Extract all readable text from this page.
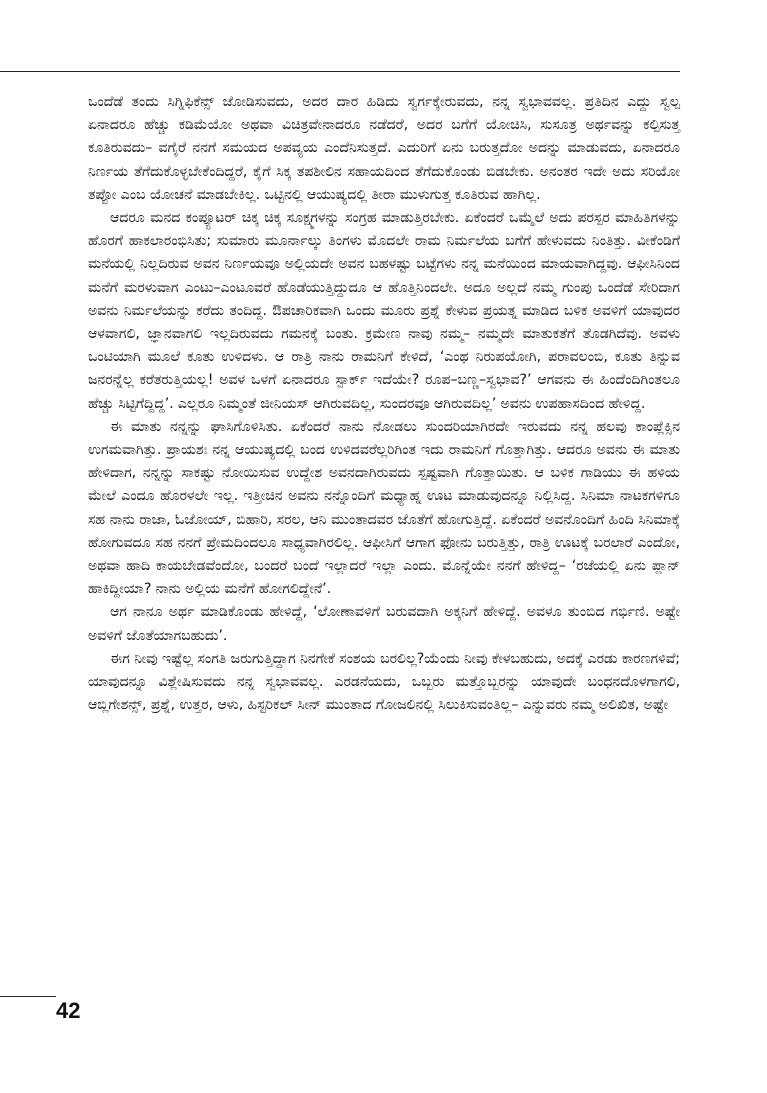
ಒಂದೆಡೆ ತಂದು ಸಿಗ್ನಿಫಿಕೆನ್ಸ್ ಜೋಡಿಸುವದು, ಅದರ ದಾರ ಹಿಡಿದು ಸ್ವರ್ಗಕ್ಕೇರುವದು, ನನ್ನ ಸ್ವಭಾವವಲ್ಲ. ಪ್ರತಿದಿನ ಎದ್ದು ಸ್ವಲ್ಪ ಏನಾದರೂ ಹೆಚ್ಚು ಕಡಿಮೆಯೋ ಅಥವಾ ವಿಚಿತ್ರವೇನಾದರೂ ನಡೆದರೆ, ಅದರ ಬಗೆಗೆ ಯೋಚಿಸಿ, ಸುಸೂತ್ರ ಅರ್ಥವನ್ನು ಕಲ್ಪಿಸುತ್ತ ಕೂತಿರುವದು– ವಗೈರೆ ನನಗೆ ಸಮಯದ ಅಪವ್ಯಯ ಎಂದೆನಿಸುತ್ತದೆ. ಎದುರಿಗೆ ಏನು ಬರುತ್ತದೋ ಅದನ್ನು ಮಾಡುವದು, ಏನಾದರೂ ನಿರ್ಣಯ ತೆಗೆದುಕೊಳ್ಳಬೇಕೆಂದಿದ್ದರೆ, ಕೈಗೆ ಸಿಕ್ಕ ತಪಶೀಲಿನ ಸಹಾಯದಿಂದ ತೆಗೆದುಕೊಂಡು ಬಿಡಬೇಕು. ಅನಂತರ ಇದೇ ಅದು ಸರಿಯೋ ತಪ್ಪೋ ಎಂಬ ಯೋಚನೆ ಮಾಡಬೇಕಿಲ್ಲ. ಒಟ್ಟಿನಲ್ಲಿ ಆಯುಷ್ಯದಲ್ಲಿ ತೀರಾ ಮುಳುಗುತ್ತ ಕೂತಿರುವ ಹಾಗಿಲ್ಲ.

ಆದರೂ ಮನದ ಕಂಪ್ಯೂಟರ್ ಚಿಕ್ಕ ಚಿಕ್ಕ ಸೂಕ್ಷ್ಮಗಳನ್ನು ಸಂಗ್ರಹ ಮಾಡುತ್ತಿರಬೇಕು. ಏಕೆಂದರೆ ಒಮ್ಮೆಲೆ ಅದು ಪರಸ್ಪರ ಮಾಹಿತಿಗಳನ್ನು ಹೊರಗೆ ಹಾಕಲಾರಂಭಿಸಿತು; ಸುಮಾರು ಮೂರ್ನಾಲ್ಕು ತಿಂಗಳು ಮೊದಲೇ ರಾಮ ನಿರ್ಮಲೆಯ ಬಗೆಗೆ ಹೇಳುವದು ನಿಂತಿತ್ತು. ವೀಕೆಂಡಿಗೆ ಮನೆಯಲ್ಲಿ ನಿಲ್ಲದಿರುವ ಅವನ ನಿರ್ಣಯವೂ ಅಲ್ಲಿಯದೇ ಅವನ ಬಹಳಷ್ಟು ಬಟ್ಟೆಗಳು ನನ್ನ ಮನೆಯಿಂದ ಮಾಯವಾಗಿದ್ದವು. ಆಫೀಸಿನಿಂದ ಮನೆಗೆ ಮರಳುವಾಗ ಎಂಟು–ಎಂಟೂವರೆ ಹೊಡೆಯುತ್ತಿದ್ದುದೂ ಆ ಹೊತ್ತಿನಿಂದಲೇ. ಅದೂ ಅಲ್ಲದೆ ನಮ್ಮ ಗುಂಪು ಒಂದೆಡೆ ಸೇರಿದಾಗ ಅವನು ನಿರ್ಮಲೆಯನ್ನು ಕರೆದು ತಂದಿದ್ದ. ಔಪಚಾರಿಕವಾಗಿ ಒಂದು ಮೂರು ಪ್ರಶ್ನೆ ಕೇಳುವ ಪ್ರಯತ್ನ ಮಾಡಿದ ಬಳಿಕ ಅವಳಿಗೆ ಯಾವುದರ ಆಳವಾಗಲಿ, ಜ್ಞಾನವಾಗಲಿ ಇಲ್ಲದಿರುವದು ಗಮನಕ್ಕೆ ಬಂತು. ಕ್ರಮೇಣ ನಾವು ನಮ್ಮ– ನಮ್ಮದೇ ಮಾತುಕತೆಗೆ ತೊಡಗಿದೆವು. ಅವಳು ಒಂಟಿಯಾಗಿ ಮೂಲೆ ಕೂತು ಉಳಿದಳು. ಆ ರಾತ್ರಿ ನಾನು ರಾಮನಿಗೆ ಕೇಳಿದೆ, ‘ಎಂಥ ನಿರುಪಯೋಗಿ, ಪರಾವಲಂಬಿ, ಕೂತು ತಿನ್ನುವ ಜನರನ್ನೆಲ್ಲ ಕರೆತರುತ್ತಿಯಲ್ಲ! ಅವಳ ಒಳಗೆ ಏನಾದರೂ ಸ್ಪಾರ್ಕ್ ಇದೆಯೇ? ರೂಪ–ಬಣ್ಣ–ಸ್ವಭಾವ?’ ಆಗವನು ಈ ಹಿಂದೆಂದಿಗಿಂತಲೂ ಹೆಚ್ಚು ಸಿಟ್ಟಿಗೆದ್ದಿದ್ದ’. ಎಲ್ಲರೂ ನಿಮ್ಮಂತೆ ಜೀನಿಯಸ್ ಆಗಿರುವದಿಲ್ಲ, ಸುಂದರವೂ ಆಗಿರುವದಿಲ್ಲ’ ಅವನು ಉಪಹಾಸದಿಂದ ಹೇಳಿದ್ದ.

ಈ ಮಾತು ನನ್ನನ್ನು ಘಾಸಿಗೊಳಿಸಿತು. ಏಕೆಂದರೆ ನಾನು ನೋಡಲು ಸುಂದರಿಯಾಗಿರದೇ ಇರುವದು ನನ್ನ ಹಲವು ಕಾಂಪ್ಲೆಕ್ಸಿನ ಉಗಮವಾಗಿತ್ತು. ಪ್ರಾಯಶಃ ನನ್ನ ಆಯುಷ್ಯದಲ್ಲಿ ಬಂದ ಉಳಿದವರೆಲ್ಲರಿಗಿಂತ ಇದು ರಾಮನಿಗೆ ಗೊತ್ತಾಗಿತ್ತು. ಆದರೂ ಅವನು ಈ ಮಾತು ಹೇಳಿದಾಗ, ನನ್ನನ್ನು ಸಾಕಷ್ಟು ನೋಯಿಸುವ ಉದ್ದೇಶ ಅವನದಾಗಿರುವದು ಸ್ಪಷ್ಟವಾಗಿ ಗೊತ್ತಾಯಿತು. ಆ ಬಳಿಕ ಗಾಡಿಯು ಈ ಹಳಿಯ ಮೇಲೆ ಎಂದೂ ಹೊರಳಲೇ ಇಲ್ಲ. ಇತ್ತೀಚಿನ ಅವನು ನನ್ನೊಂದಿಗೆ ಮಧ್ಯಾಹ್ನ ಊಟ ಮಾಡುವುದನ್ನೂ ನಿಲ್ಲಿಸಿದ್ದ. ಸಿನಿಮಾ ನಾಟಕಗಳಿಗೂ ಸಹ ನಾನು ರಾಜಾ, ಓಜೋಯ್, ಬಿಹಾರಿ, ಸರಲ, ಆನಿ ಮುಂತಾದವರ ಜೊತೆಗೆ ಹೋಗುತ್ತಿದ್ದೆ. ಏಕೆಂದರೆ ಅವನೊಂದಿಗೆ ಹಿಂದಿ ಸಿನಿಮಾಕ್ಕೆ ಹೋಗುವದೂ ಸಹ ನನಗೆ ಪ್ರೇಮದಿಂದಲೂ ಸಾಧ್ಯವಾಗಿರಲಿಲ್ಲ. ಆಫೀಸಿಗೆ ಆಗಾಗ ಫೋನು ಬರುತ್ತಿತ್ತು, ರಾತ್ರಿ ಊಟಕ್ಕೆ ಬರಲಾರೆ ಎಂದೋ, ಅಥವಾ ಹಾದಿ ಕಾಯಬೇಡವೆಂದೋ, ಬಂದರೆ ಬಂದೆ ಇಲ್ಲಾದರೆ ಇಲ್ಲಾ ಎಂದು. ಮೊನ್ನೆಯೇ ನನಗೆ ಹೇಳಿದ್ದ– ‘ರಜೆಯಲ್ಲಿ ಏನು ಪ್ಲಾನ್ ಹಾಕಿದ್ದೀಯಾ? ನಾನು ಅಲ್ಲಿಯ ಮನೆಗೆ ಹೋಗಲಿದ್ದೇನೆ’.

ಆಗ ನಾನೂ ಅರ್ಥ ಮಾಡಿಕೊಂಡು ಹೇಳಿದ್ದೆ, ‘ಲೋಣಾವಳಿಗೆ ಬರುವದಾಗಿ ಅಕ್ಕನಿಗೆ ಹೇಳಿದ್ದೆ. ಅವಳೂ ತುಂಬಿದ ಗರ್ಭಿಣಿ. ಅಷ್ಟೇ ಅವಳಿಗೆ ಜೊತೆಯಾಗಬಹುದು’.

ಈಗ ನೀವು ಇಷ್ಟೆಲ್ಲ ಸಂಗತಿ ಜರುಗುತ್ತಿದ್ದಾಗ ನಿನಗೇಕೆ ಸಂಶಯ ಬರಲಿಲ್ಲ?ಯೆಂದು ನೀವು ಕೇಳಬಹುದು, ಅದಕ್ಕೆ ಎರಡು ಕಾರಣಗಳಿವೆ; ಯಾವುದನ್ನೂ ವಿಶ್ಲೇಷಿಸುವದು ನನ್ನ ಸ್ವಭಾವವಲ್ಲ. ಎರಡನೆಯದು, ಒಬ್ಬರು ಮತ್ತೊಬ್ಬರನ್ನು ಯಾವುದೇ ಬಂಧನದೊಳಗಾಗಲಿ, ಆಬ್ಲಿಗೇಶನ್ಸ್, ಪ್ರಶ್ನೆ, ಉತ್ತರ, ಆಳು, ಹಿಸ್ಟರಿಕಲ್ ಸೀನ್ ಮುಂತಾದ ಗೋಜಲಿನಲ್ಲಿ ಸಿಲುಕಿಸುವಂತಿಲ್ಲ– ಎನ್ನುವರು ನಮ್ಮ ಅಲಿಖಿತ, ಅಷ್ಟೇ

42
